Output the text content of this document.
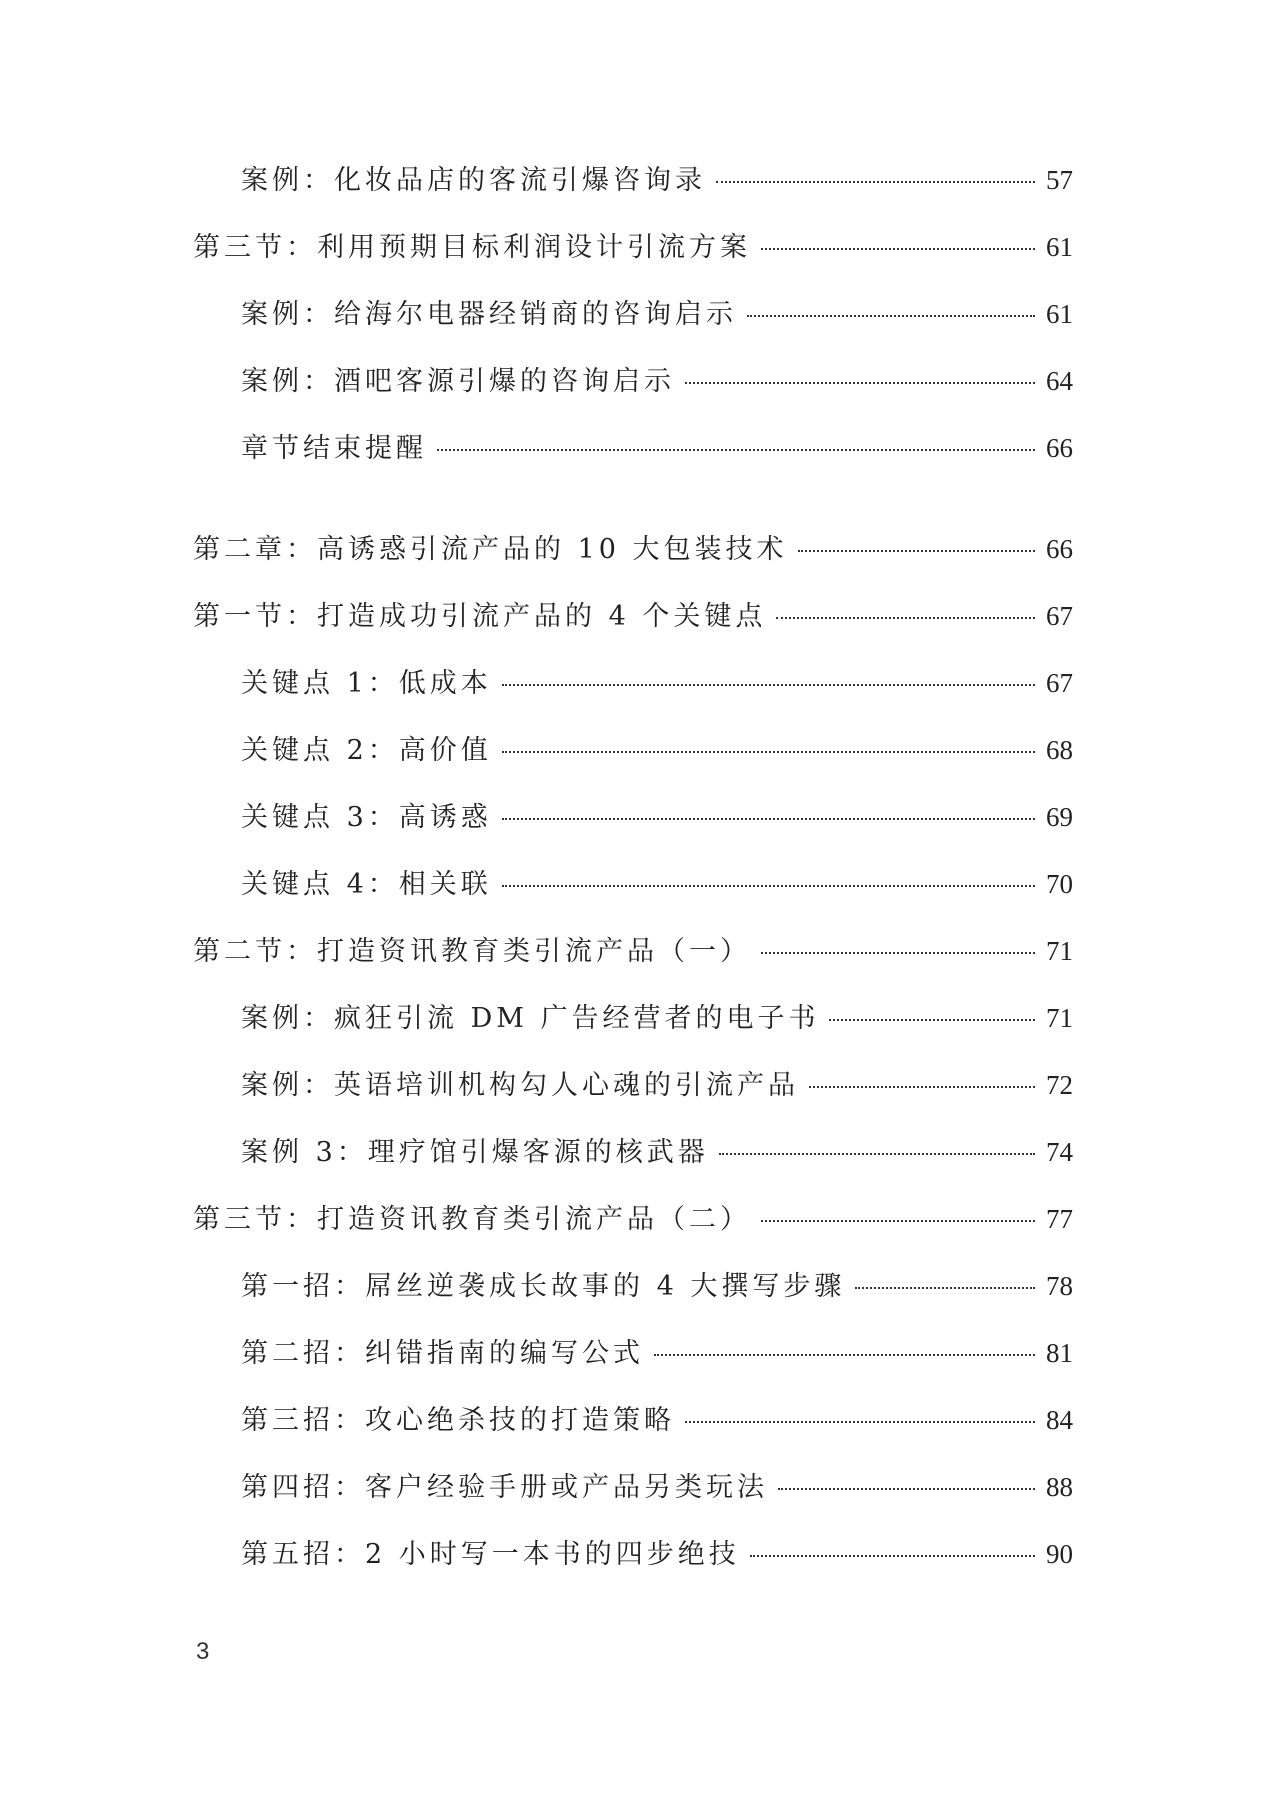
案例：化妆品店的客流引爆咨询录	57
第三节：利用预期目标利润设计引流方案	61
案例：给海尔电器经销商的咨询启示	61
案例：酒吧客源引爆的咨询启示	64
章节结束提醒	66
第二章：高诱惑引流产品的 10 大包装技术	66
第一节：打造成功引流产品的 4 个关键点	67
关键点 1：低成本	67
关键点 2：高价值	68
关键点 3：高诱惑	69
关键点 4：相关联	70
第二节：打造资讯教育类引流产品（一）	71
案例：疯狂引流 DM 广告经营者的电子书	71
案例：英语培训机构勾人心魂的引流产品	72
案例 3：理疗馆引爆客源的核武器	74
第三节：打造资讯教育类引流产品（二）	77
第一招：屌丝逆袭成长故事的 4 大撰写步骤	78
第二招：纠错指南的编写公式	81
第三招：攻心绝杀技的打造策略	84
第四招：客户经验手册或产品另类玩法	88
第五招：2 小时写一本书的四步绝技	90
3
